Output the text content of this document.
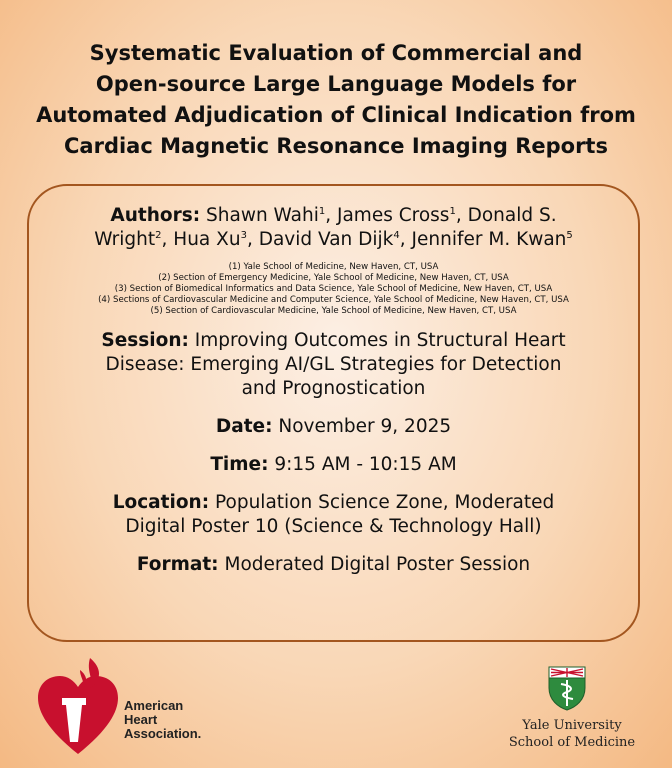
Systematic Evaluation of Commercial and
Open-source Large Language Models for
Automated Adjudication of Clinical Indication from
Cardiac Magnetic Resonance Imaging Reports
Authors: Shawn Wahi$^1$, James Cross$^1$, Donald S.
Wright$^2$, Hua Xu$^3$, David Van Dijk$^4$, Jennifer M. Kwan$^5$
(1) Yale School of Medicine, New Haven, CT, USA
(2) Section of Emergency Medicine, Yale School of Medicine, New Haven, CT, USA
(3) Section of Biomedical Informatics and Data Science, Yale School of Medicine, New Haven, CT, USA
(4) Sections of Cardiovascular Medicine and Computer Science, Yale School of Medicine, New Haven, CT, USA
(5) Section of Cardiovascular Medicine, Yale School of Medicine, New Haven, CT, USA
Session: Improving Outcomes in Structural Heart
Disease: Emerging AI/GL Strategies for Detection
and Prognostication
Date: November 9, 2025
Time: 9:15 AM - 10:15 AM
Location: Population Science Zone, Moderated
Digital Poster 10 (Science & Technology Hall)
Format: Moderated Digital Poster Session
American
Heart
Association.
Yale University
School of Medicine
